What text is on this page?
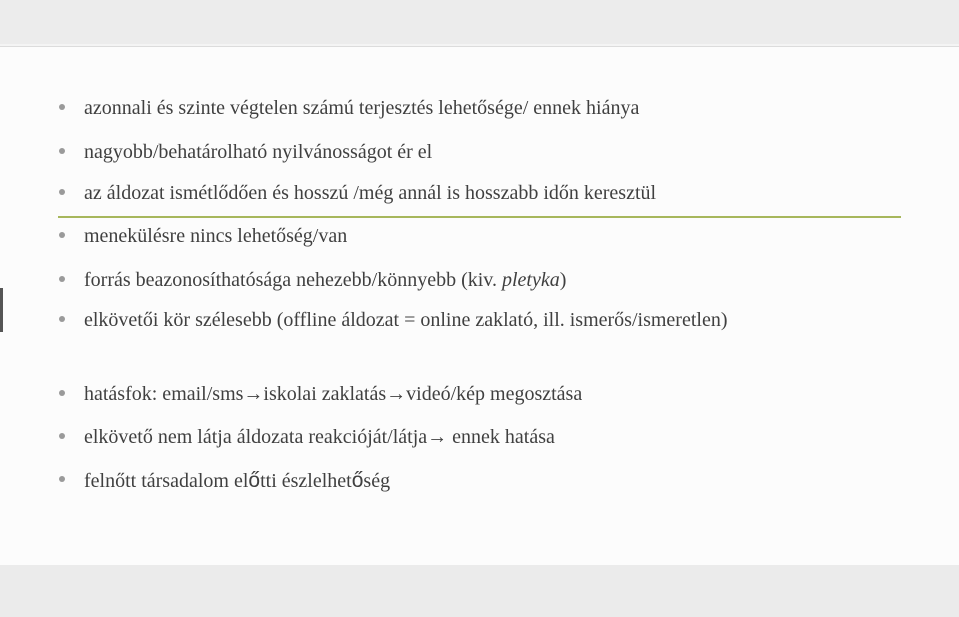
azonnali és szinte végtelen számú terjesztés lehetősége/ ennek hiánya
nagyobb/behatárolható nyilvánosságot ér el
az áldozat ismétlődően és hosszú /még annál is hosszabb időn keresztül
menekülésre nincs lehetőség/van
forrás beazonosíthatósága nehezebb/könnyebb (kiv. pletyka)
elkövetői kör szélesebb (offline áldozat = online zaklató, ill. ismerős/ismeretlen)
hatásfok: email/sms→iskolai zaklatás→videó/kép megosztása
elkövető nem látja áldozata reakcióját/látja→ ennek hatása
felnőtt társadalom előtti észlelhetőség
